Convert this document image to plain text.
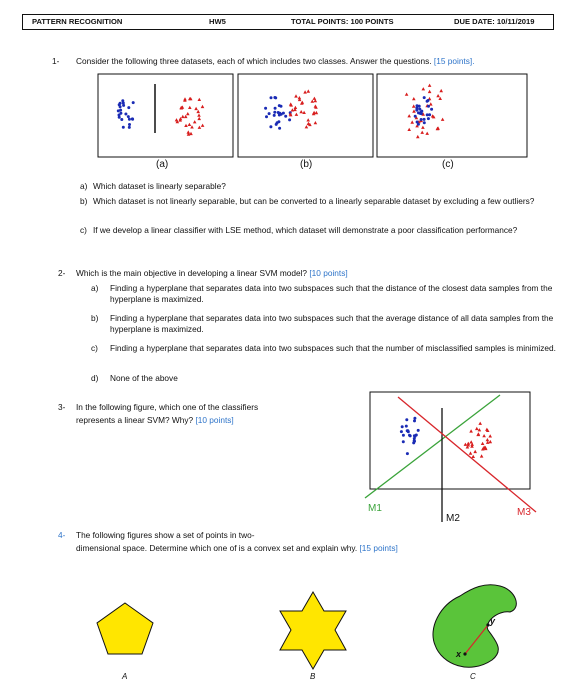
PATTERN RECOGNITION	HW5	TOTAL POINTS: 100 POINTS	DUE DATE: 10/11/2019
1- Consider the following three datasets, each of which includes two classes. Answer the questions. [15 points].
(a)	(b)	(c)
a) Which dataset is linearly separable?
b) Which dataset is not linearly separable, but can be converted to a linearly separable dataset by excluding a few outliers?
c) If we develop a linear classifier with LSE method, which dataset will demonstrate a poor classification performance?
2- Which is the main objective in developing a linear SVM model? [10 points]
a) Finding a hyperplane that separates data into two subspaces such that the distance of the closest data samples from the hyperplane is maximized.
b) Finding a hyperplane that separates data into two subspaces such that the average distance of all data samples from the hyperplane is maximized.
c) Finding a hyperplane that separates data into two subspaces such that the number of misclassified samples is minimized.
d) None of the above
3- In the following figure, which one of the classifiers
represents a linear SVM? Why? [10 points]
M1
M2
M3
4- The following figures show a set of points in two-
dimensional space. Determine which one of is a convex set and explain why. [15 points]
x
y
A	B	C
